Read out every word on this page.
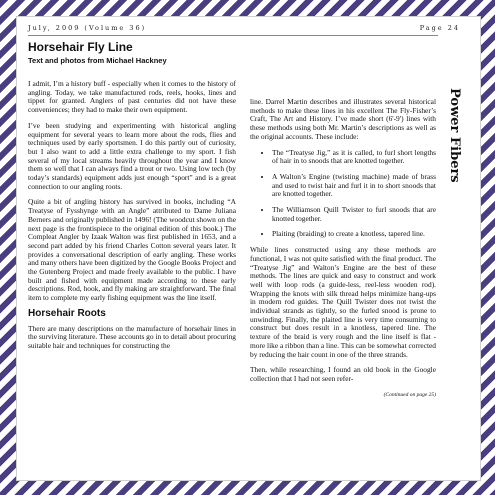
July, 2009 (Volume 36)	Page 24
Horsehair Fly Line
Text and photos from Michael Hackney
Power Fibers

I admit, I’m a history buff - especially when it comes to the history of angling. Today, we take manufactured rods, reels, hooks, lines and tippet for granted. Anglers of past centuries did not have these conveniences; they had to make their own equipment.

I’ve been studying and experimenting with historical angling equipment for several years to learn more about the rods, flies and techniques used by early sportsmen. I do this partly out of curiosity, but I also want to add a little extra challenge to my sport. I fish several of my local streams heavily throughout the year and I know them so well that I can always find a trout or two. Using low tech (by today’s standards) equipment adds just enough “sport” and is a great connection to our angling roots.

Quite a bit of angling history has survived in books, including “A Treatyse of Fysshynge with an Angle” attributed to Dame Juliana Berners and originally published in 1496! (The woodcut shown on the next page is the frontispiece to the original edition of this book.) The Compleat Angler by Izaak Walton was first published in 1653, and a second part added by his friend Charles Cotton several years later. It provides a conversational description of early angling. These works and many others have been digitized by the Google Books Project and the Gutenberg Project and made freely available to the public. I have built and fished with equipment made according to these early descriptions. Rod, hook, and fly making are straightforward. The final item to complete my early fishing equipment was the line itself.

Horsehair Roots

There are many descriptions on the manufacture of horsehair lines in the surviving literature. These accounts go in to detail about procuring suitable hair and techniques for constructing the

line. Darrel Martin describes and illustrates several historical methods to make these lines in his excellent The Fly-Fisher’s Craft, The Art and History. I’ve made short (6'-9') lines with these methods using both Mr. Martin’s descriptions as well as the original accounts. These include:

• The “Treatyse Jig,” as it is called, to furl short lengths of hair in to snoods that are knotted together.
• A Walton’s Engine (twisting machine) made of brass and used to twist hair and furl it in to short snoods that are knotted together.
• The Williamson Quill Twister to furl snoods that are knotted together.
• Plaiting (braiding) to create a knotless, tapered line.

While lines constructed using any these methods are functional, I was not quite satisfied with the final product. The “Treatyse Jig” and Walton’s Engine are the best of these methods. The lines are quick and easy to construct and work well with loop rods (a guide-less, reel-less wooden rod). Wrapping the knots with silk thread helps minimize hang-ups in modern rod guides. The Quill Twister does not twist the individual strands as tightly, so the furled snood is prone to unwinding. Finally, the plaited line is very time consuming to construct but does result in a knotless, tapered line. The texture of the braid is very rough and the line itself is flat - more like a ribbon than a line. This can be somewhat corrected by reducing the hair count in one of the three strands.

Then, while researching, I found an old book in the Google collection that I had not seen refer-

(Continued on page 25)
